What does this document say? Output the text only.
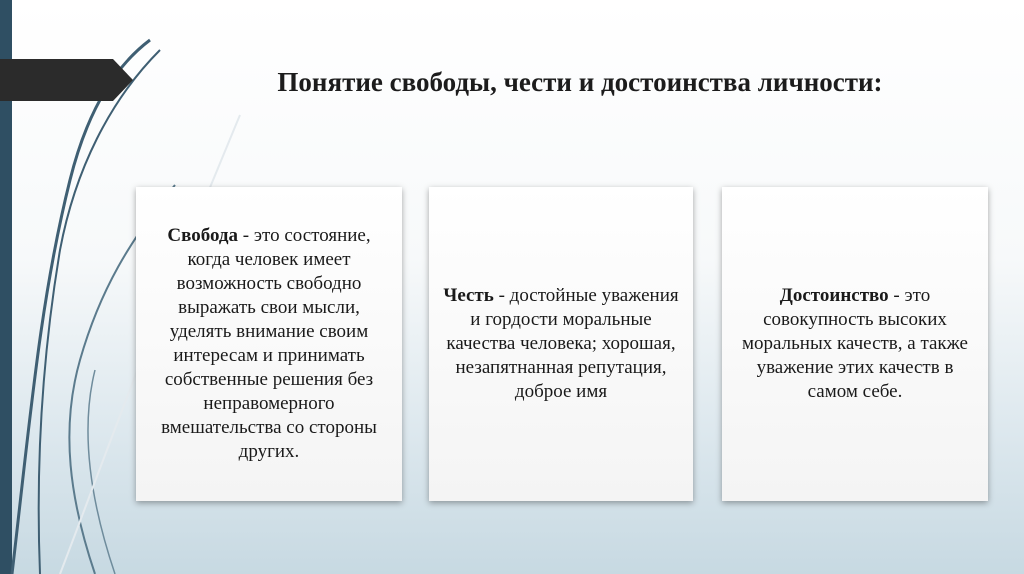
Понятие свободы, чести и достоинства личности:

Свобода - это состояние, когда человек имеет возможность свободно выражать свои мысли, уделять внимание своим интересам и принимать собственные решения без неправомерного вмешательства со стороны других.

Честь - достойные уважения и гордости моральные качества человека; хорошая, незапятнанная репутация, доброе имя

Достоинство - это совокупность высоких моральных качеств, а также уважение этих качеств в самом себе.
